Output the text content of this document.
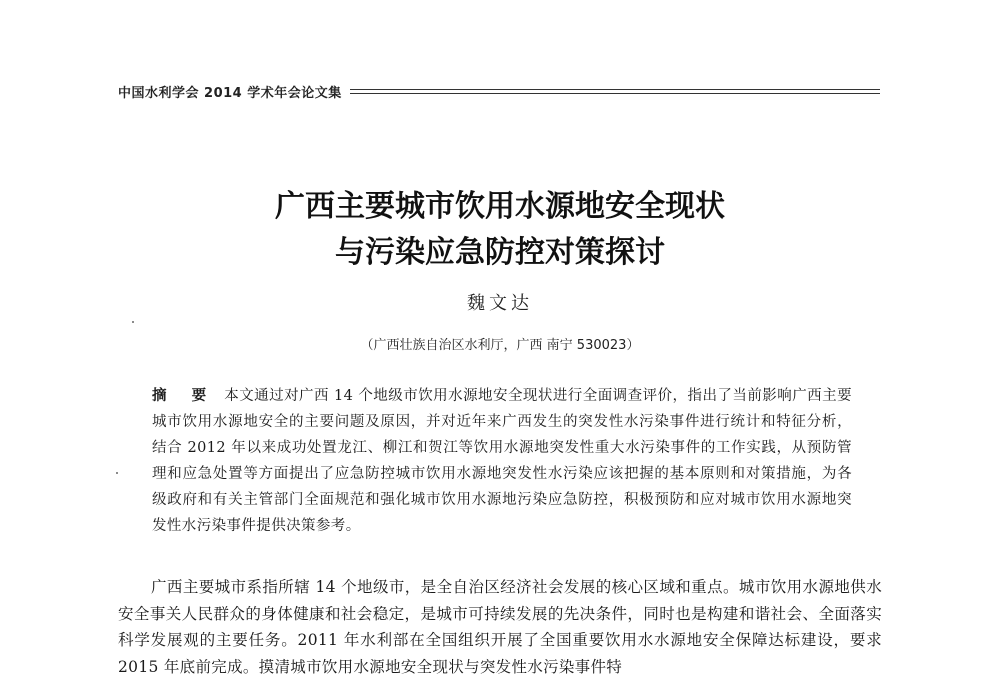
中国水利学会 2014 学术年会论文集
广西主要城市饮用水源地安全现状
与污染应急防控对策探讨
魏文达
（广西壮族自治区水利厅，广西 南宁 530023）
摘 要 本文通过对广西 14 个地级市饮用水源地安全现状进行全面调查评价，指出了当前影响广西主要城市饮用水源地安全的主要问题及原因，并对近年来广西发生的突发性水污染事件进行统计和特征分析，结合 2012 年以来成功处置龙江、柳江和贺江等饮用水源地突发性重大水污染事件的工作实践，从预防管理和应急处置等方面提出了应急防控城市饮用水源地突发性水污染应该把握的基本原则和对策措施，为各级政府和有关主管部门全面规范和强化城市饮用水源地污染应急防控，积极预防和应对城市饮用水源地突发性水污染事件提供决策参考。
广西主要城市系指所辖 14 个地级市，是全自治区经济社会发展的核心区域和重点。城市饮用水源地供水安全事关人民群众的身体健康和社会稳定，是城市可持续发展的先决条件，同时也是构建和谐社会、全面落实科学发展观的主要任务。2011 年水利部在全国组织开展了全国重要饮用水水源地安全保障达标建设，要求 2015 年底前完成。摸清城市饮用水源地安全现状与突发性水污染事件特
